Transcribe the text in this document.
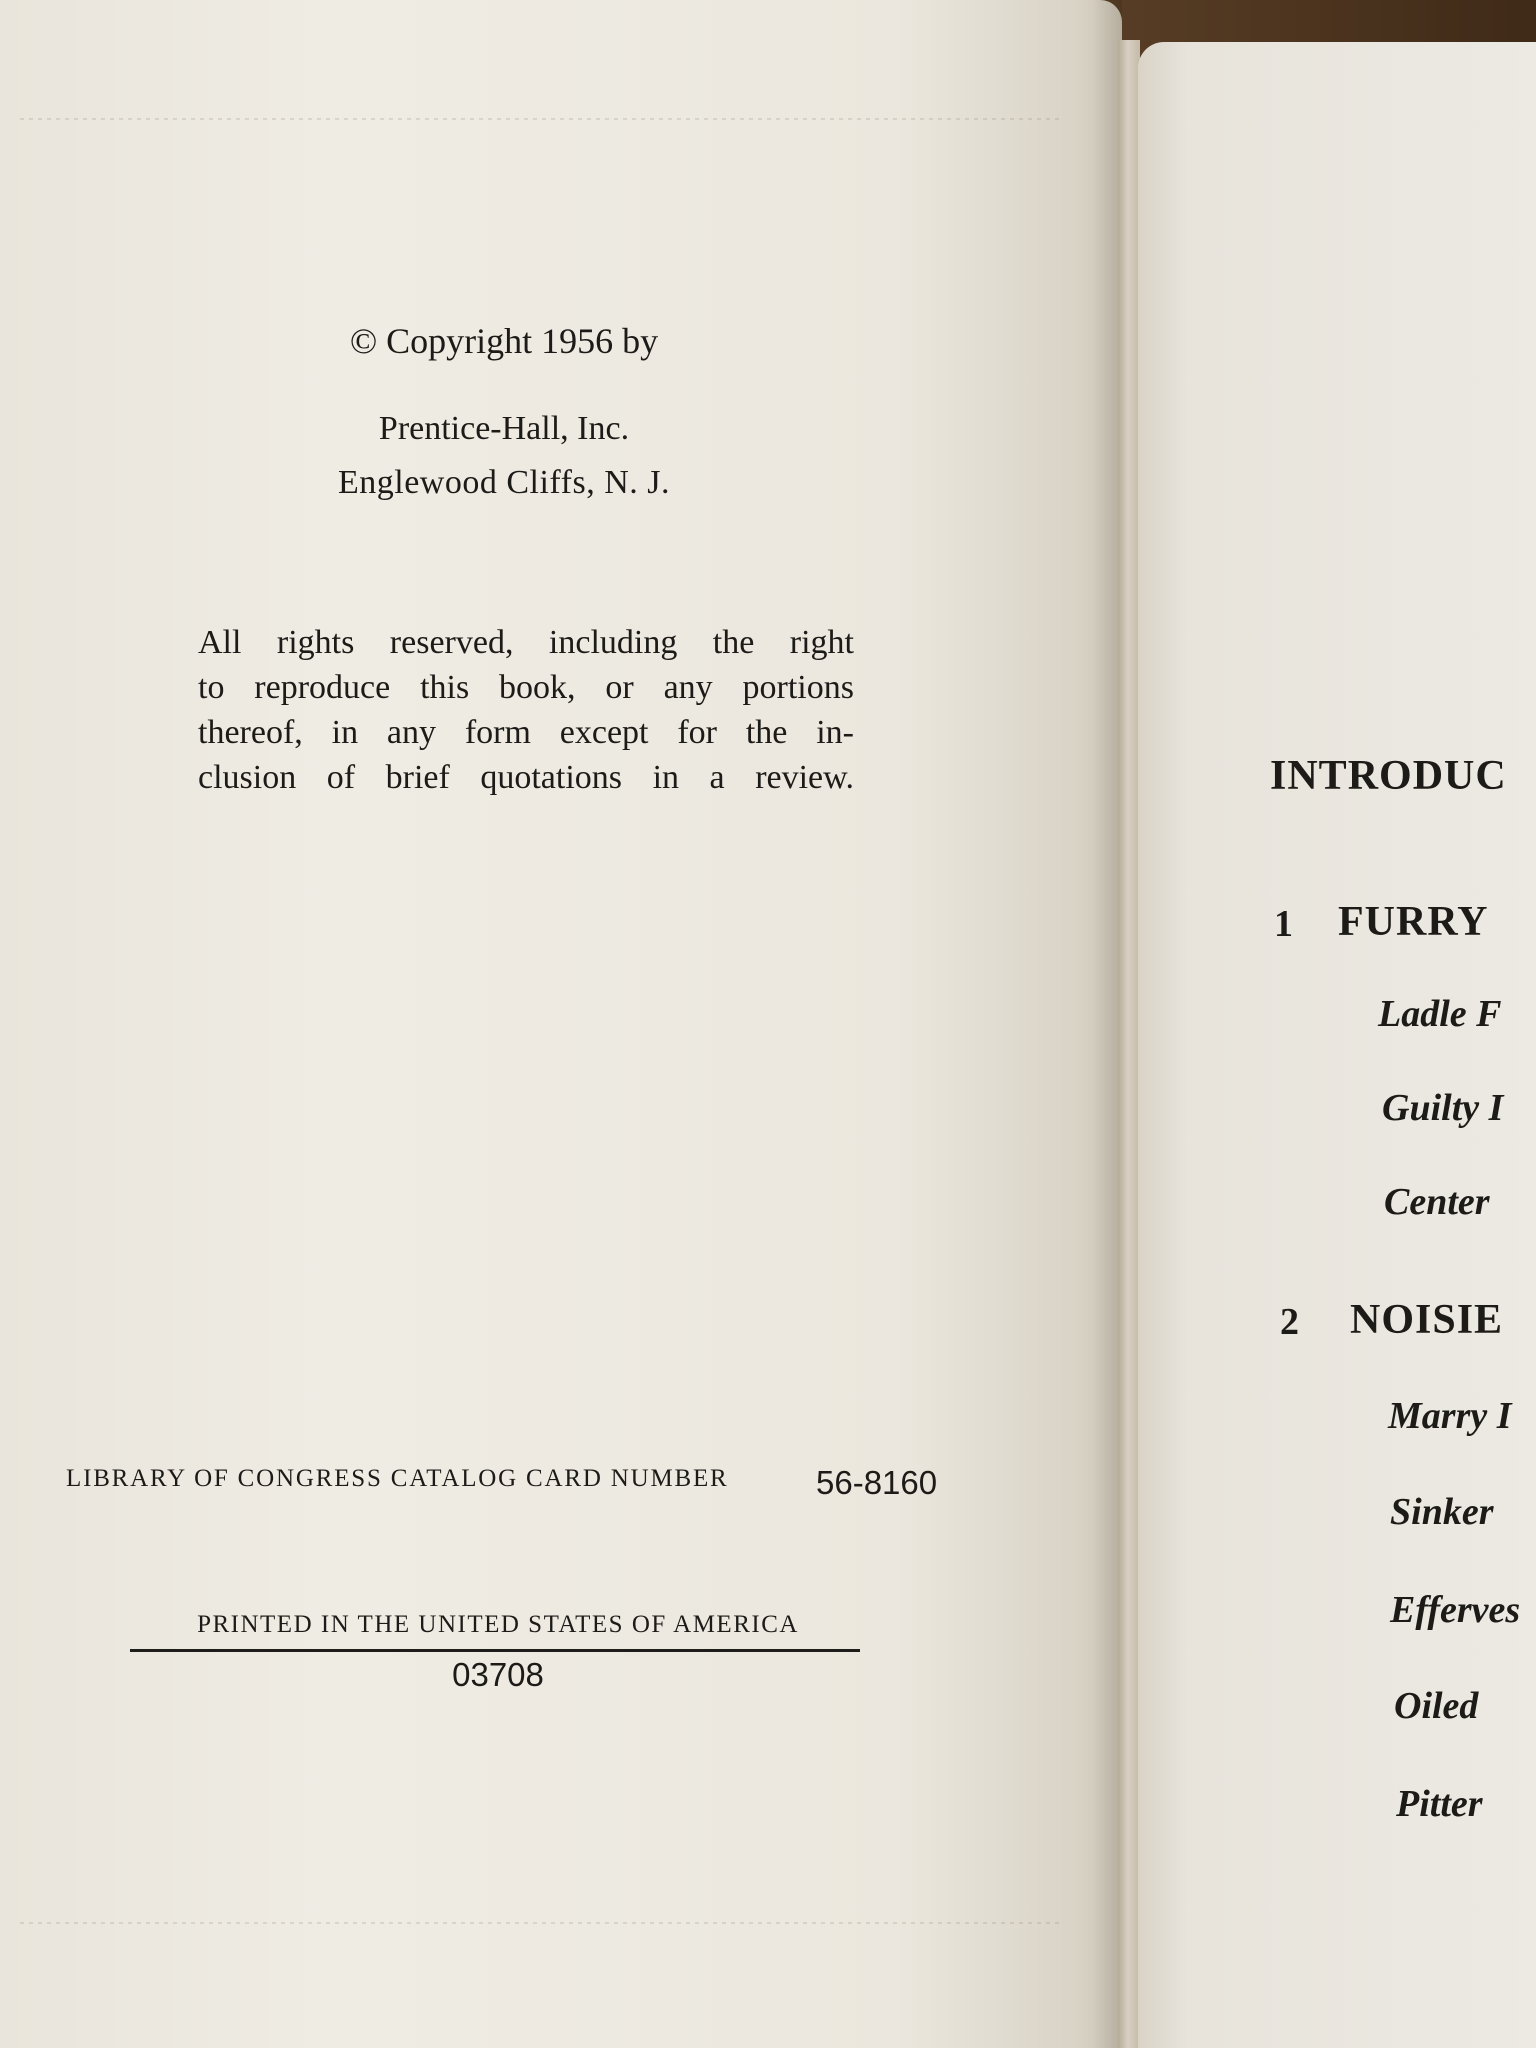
© Copyright 1956 by

Prentice-Hall, Inc.

Englewood Cliffs, N. J.

All rights reserved, including the right
to reproduce this book, or any portions
thereof, in any form except for the in-
clusion of brief quotations in a review.

LIBRARY OF CONGRESS CATALOG CARD NUMBER	56-8160

PRINTED IN THE UNITED STATES OF AMERICA

03708

INTRODUC

1 FURRY

Ladle F

Guilty I

Center

2 NOISIE

Marry I

Sinker

Efferves

Oiled

Pitter
